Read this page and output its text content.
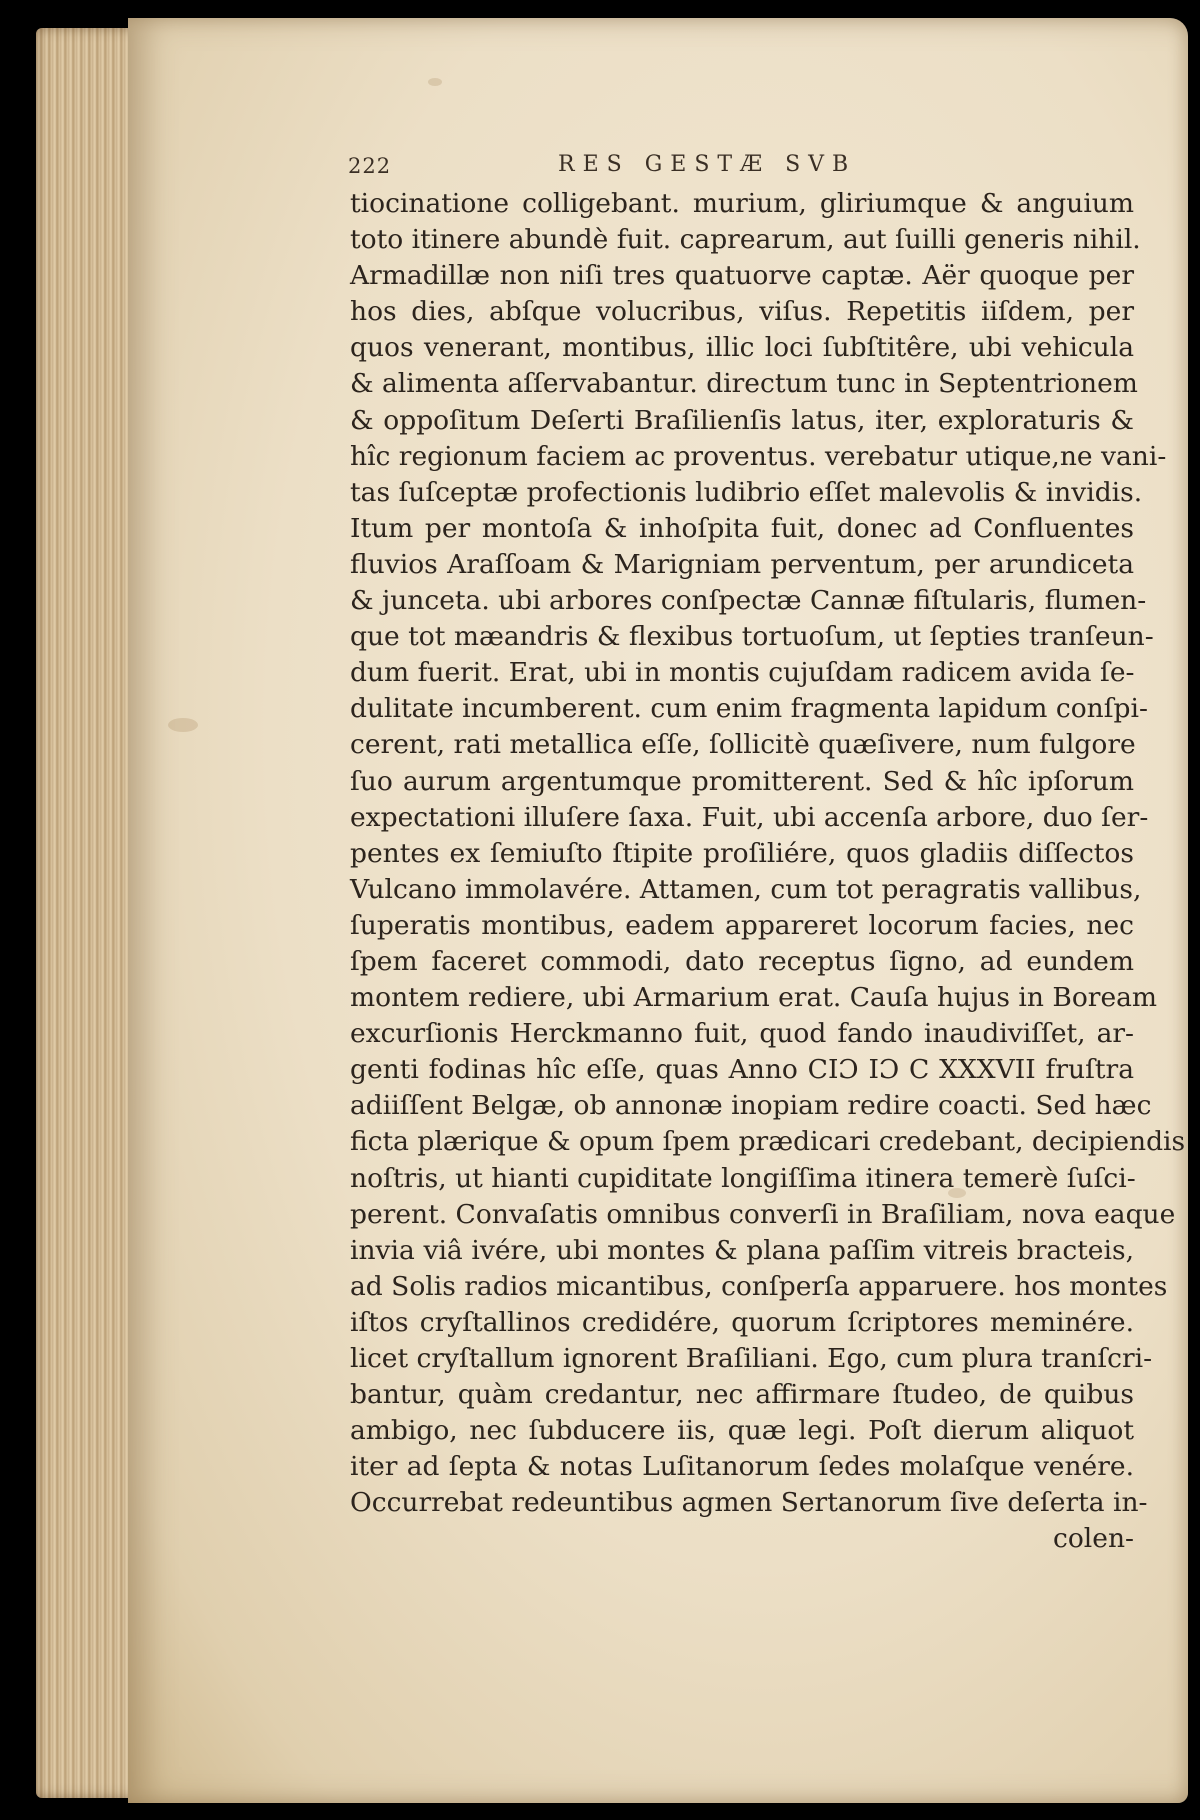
222	RES GESTÆ SVB
tiocinatione colligebant. murium, gliriumque & anguium
toto itinere abundè fuit. caprearum, aut ſuilli generis nihil.
Armadillæ non niſi tres quatuorve captæ. Aër quoque per
hos dies, abſque volucribus, viſus. Repetitis iiſdem, per
quos venerant, montibus, illic loci ſubſtitêre, ubi vehicula
& alimenta aſſervabantur. directum tunc in Septentrionem
& oppoſitum Deſerti Braſilienſis latus, iter, exploraturis &
hîc regionum faciem ac proventus. verebatur utique,ne vani-
tas ſuſceptæ profectionis ludibrio eſſet malevolis & invidis.
Itum per montoſa & inhoſpita fuit, donec ad Confluentes
fluvios Araſſoam & Marigniam perventum, per arundiceta
& junceta. ubi arbores conſpectæ Cannæ fiſtularis, flumen-
que tot mæandris & flexibus tortuoſum, ut ſepties tranſeun-
dum fuerit. Erat, ubi in montis cujuſdam radicem avida ſe-
dulitate incumberent. cum enim fragmenta lapidum conſpi-
cerent, rati metallica eſſe, ſollicitè quæſivere, num fulgore
ſuo aurum argentumque promitterent. Sed & hîc ipſorum
expectationi illuſere ſaxa. Fuit, ubi accenſa arbore, duo ſer-
pentes ex ſemiuſto ſtipite proſiliére, quos gladiis diſſectos
Vulcano immolavére. Attamen, cum tot peragratis vallibus,
ſuperatis montibus, eadem appareret locorum facies, nec
ſpem faceret commodi, dato receptus ſigno, ad eundem
montem rediere, ubi Armarium erat. Cauſa hujus in Boream
excurſionis Herckmanno fuit, quod fando inaudiviſſet, ar-
genti fodinas hîc eſſe, quas Anno CIƆ IƆ C XXXVII fruſtra
adiiſſent Belgæ, ob annonæ inopiam redire coacti. Sed hæc
ficta plærique & opum ſpem prædicari credebant, decipiendis
noſtris, ut hianti cupiditate longiſſima itinera temerè ſuſci-
perent. Convaſatis omnibus converſi in Braſiliam, nova eaque
invia viâ ivére, ubi montes & plana paſſim vitreis bracteis,
ad Solis radios micantibus, conſperſa apparuere. hos montes
iſtos cryſtallinos credidére, quorum ſcriptores meminére.
licet cryſtallum ignorent Braſiliani. Ego, cum plura tranſcri-
bantur, quàm credantur, nec affirmare ſtudeo, de quibus
ambigo, nec ſubducere iis, quæ legi. Poſt dierum aliquot
iter ad ſepta & notas Luſitanorum ſedes molaſque venére.
Occurrebat redeuntibus agmen Sertanorum ſive deſerta in-
colen-
